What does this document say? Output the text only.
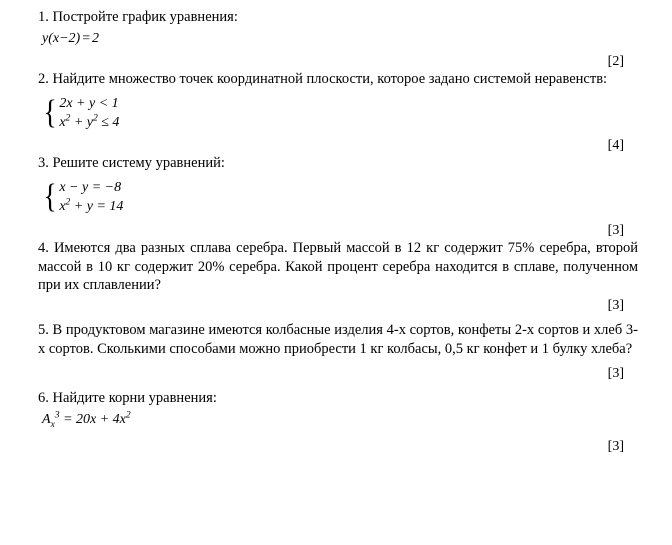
1. Постройте график уравнения:

y(x−2) = 2

[2]

2. Найдите множество точек координатной плоскости, которое задано системой неравенств:

{ 2x + y < 1
$x^2 + y^2 \le 4$

[4]

3. Решите систему уравнений:

{ x − y = −8
$x^2 + y = 14$

[3]

4. Имеются два разных сплава серебра. Первый массой в 12 кг содержит 75% серебра, второй массой в 10 кг содержит 20% серебра. Какой процент серебра находится в сплаве, полученном при их сплавлении?

[3]

5. В продуктовом магазине имеются колбасные изделия 4-х сортов, конфеты 2-х сортов и хлеб 3-х сортов. Сколькими способами можно приобрести 1 кг колбасы, 0,5 кг конфет и 1 булку хлеба?

[3]

6. Найдите корни уравнения:

$A_x^3 = 20x + 4x^2$

[3]
